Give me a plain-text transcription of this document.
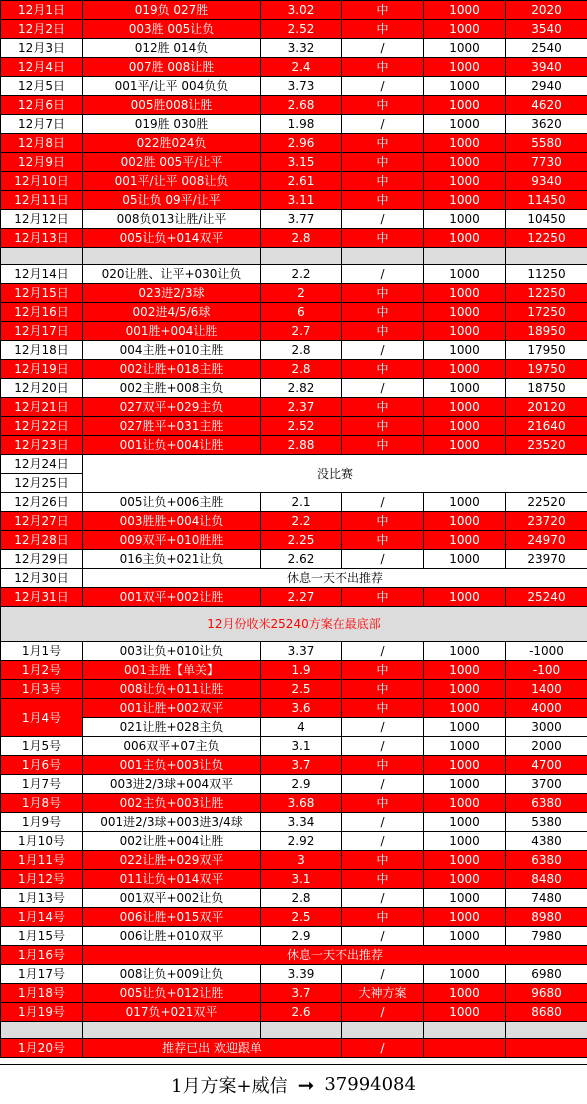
12月1日	019负 027胜	3.02	中	1000	2020
12月2日	003胜 005让负	2.52	中	1000	3540
12月3日	012胜 014负	3.32	/	1000	2540
12月4日	007胜 008让胜	2.4	中	1000	3940
12月5日	001平/让平 004负负	3.73	/	1000	2940
12月6日	005胜008让胜	2.68	中	1000	4620
12月7日	019胜 030胜	1.98	/	1000	3620
12月8日	022胜024负	2.96	中	1000	5580
12月9日	002胜 005平/让平	3.15	中	1000	7730
12月10日	001平/让平 008让负	2.61	中	1000	9340
12月11日	05让负 09平/让平	3.11	中	1000	11450
12月12日	008负013让胜/让平	3.77	/	1000	10450
12月13日	005让负+014双平	2.8	中	1000	12250

12月14日	020让胜、让平+030让负	2.2	/	1000	11250
12月15日	023进2/3球	2	中	1000	12250
12月16日	002进4/5/6球	6	中	1000	17250
12月17日	001胜+004让胜	2.7	中	1000	18950
12月18日	004主胜+010主胜	2.8	/	1000	17950
12月19日	002让胜+018主胜	2.8	中	1000	19750
12月20日	002主胜+008主负	2.82	/	1000	18750
12月21日	027双平+029主负	2.37	中	1000	20120
12月22日	027胜平+031主胜	2.52	中	1000	21640
12月23日	001让负+004让胜	2.88	中	1000	23520
12月24日	没比赛				
12月25日					
12月26日	005让负+006主胜	2.1	/	1000	22520
12月27日	003胜胜+004让负	2.2	中	1000	23720
12月28日	009双平+010胜胜	2.25	中	1000	24970
12月29日	016主负+021让负	2.62	/	1000	23970
12月30日	休息一天不出推荐				
12月31日	001双平+002让胜	2.27	中	1000	25240
12月份收米25240方案在最底部					
1月1号	003让负+010让负	3.37	/	1000	-1000
1月2号	001主胜【单关】	1.9	中	1000	-100
1月3号	008让负+011让胜	2.5	中	1000	1400
1月4号	001让胜+002双平	3.6	中	1000	4000
	021让胜+028主负	4	/	1000	3000
1月5号	006双平+07主负	3.1	/	1000	2000
1月6号	001主负+003让负	3.7	中	1000	4700
1月7号	003进2/3球+004双平	2.9	/	1000	3700
1月8号	002主负+003让胜	3.68	中	1000	6380
1月9号	001进2/3球+003进3/4球	3.34	/	1000	5380
1月10号	002让胜+004让胜	2.92	/	1000	4380
1月11号	022让胜+029双平	3	中	1000	6380
1月12号	011让负+014双平	3.1	中	1000	8480
1月13号	001双平+002让负	2.8	/	1000	7480
1月14号	006让胜+015双平	2.5	中	1000	8980
1月15号	006让胜+010双平	2.9	/	1000	7980
1月16号	休息一天不出推荐				
1月17号	008让负+009让负	3.39	/	1000	6980
1月18号	005让负+012让胜	3.7	大神方案	1000	9680
1月19号	017负+021双平	2.6	/	1000	8680

1月20号	推荐已出 欢迎跟单		/		
1月方案+威信 ➞ 37994084
